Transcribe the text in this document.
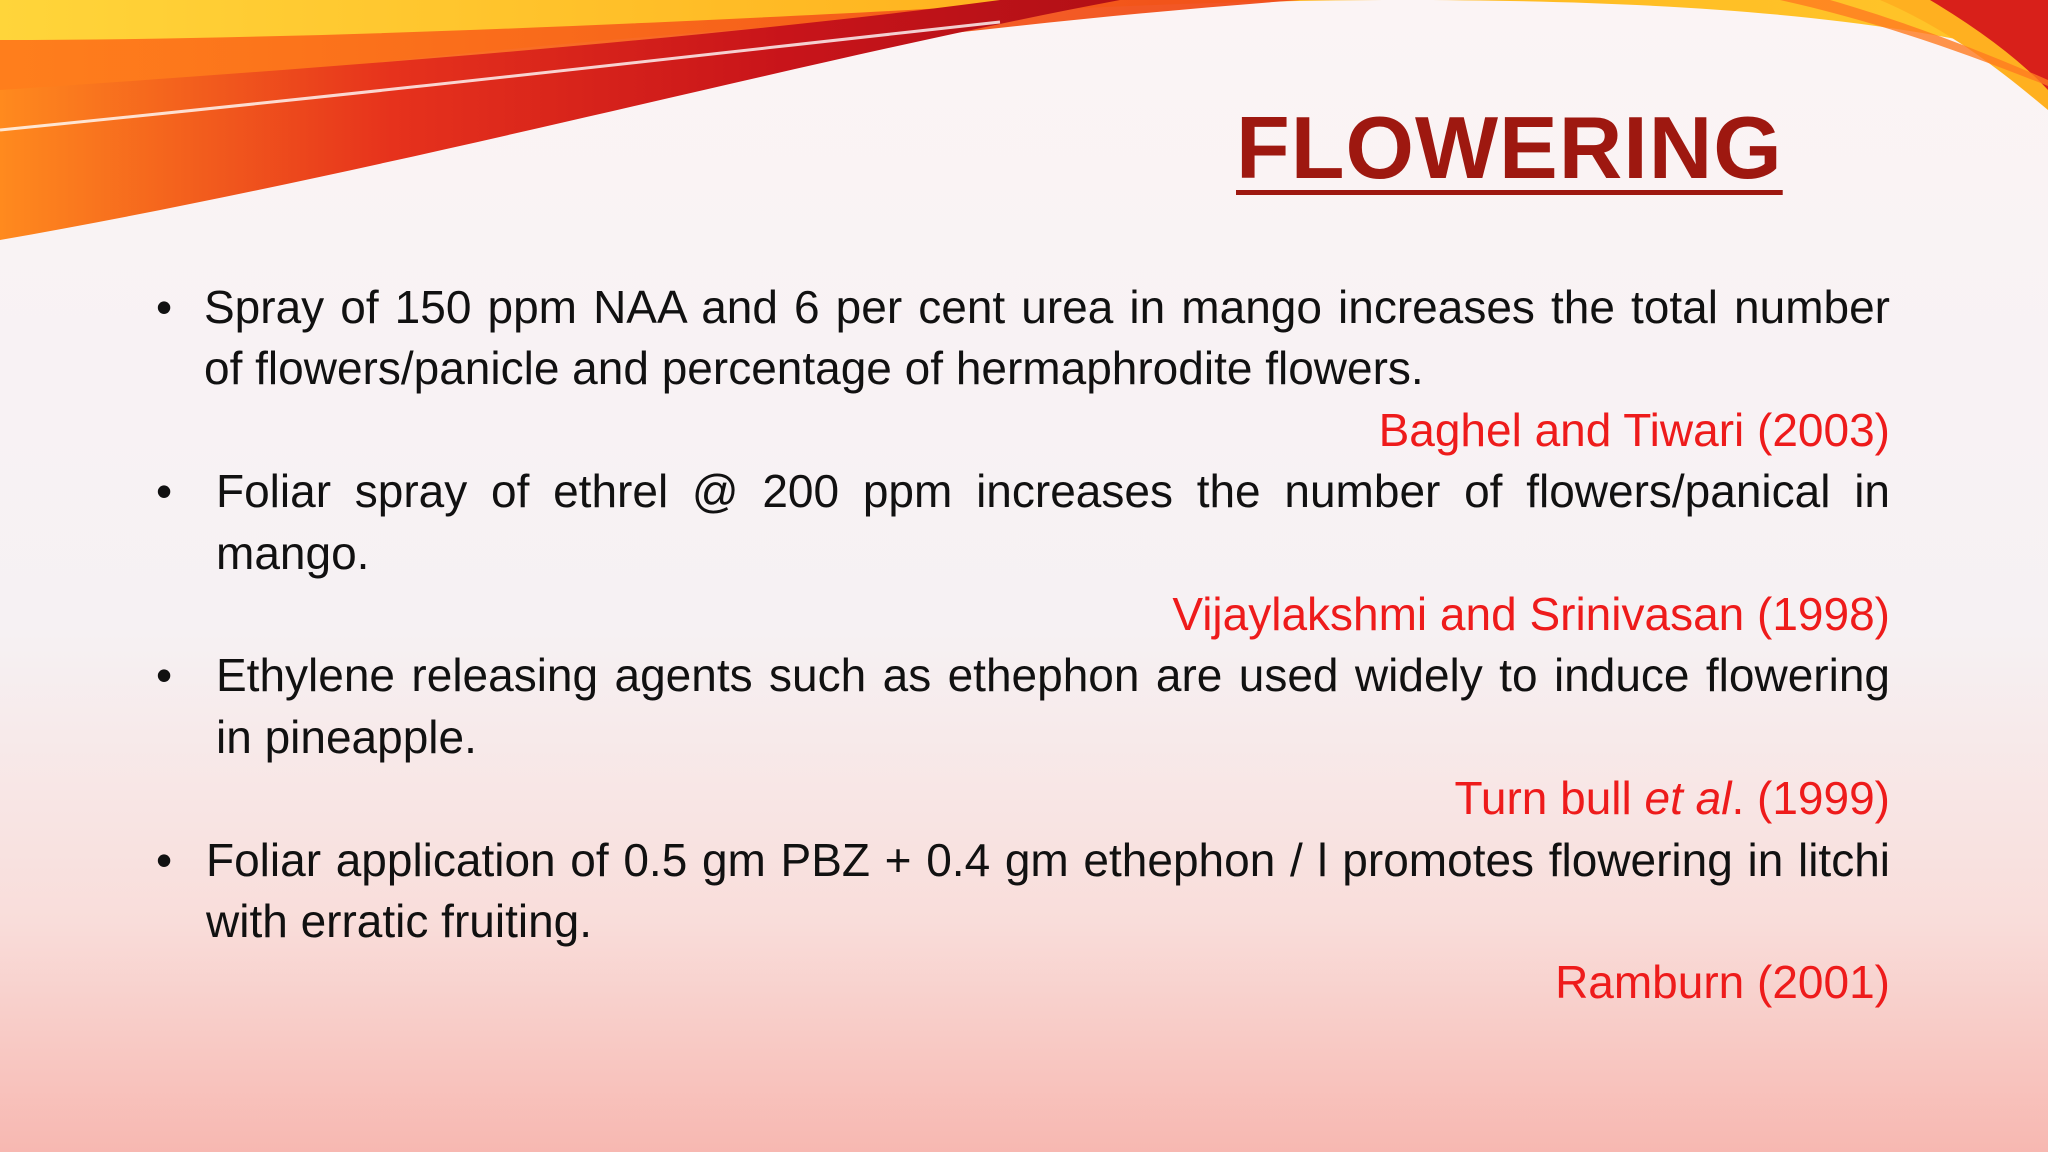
FLOWERING
• Spray of 150 ppm NAA and 6 per cent urea in mango increases the total number of flowers/panicle and percentage of hermaphrodite flowers.
Baghel and Tiwari (2003)
• Foliar spray of ethrel @ 200 ppm increases the number of flowers/panical in mango.
Vijaylakshmi and Srinivasan (1998)
• Ethylene releasing agents such as ethephon are used widely to induce flowering in pineapple.
Turn bull et al. (1999)
• Foliar application of 0.5 gm PBZ + 0.4 gm ethephon / l promotes flowering in litchi with erratic fruiting.
Ramburn (2001)
